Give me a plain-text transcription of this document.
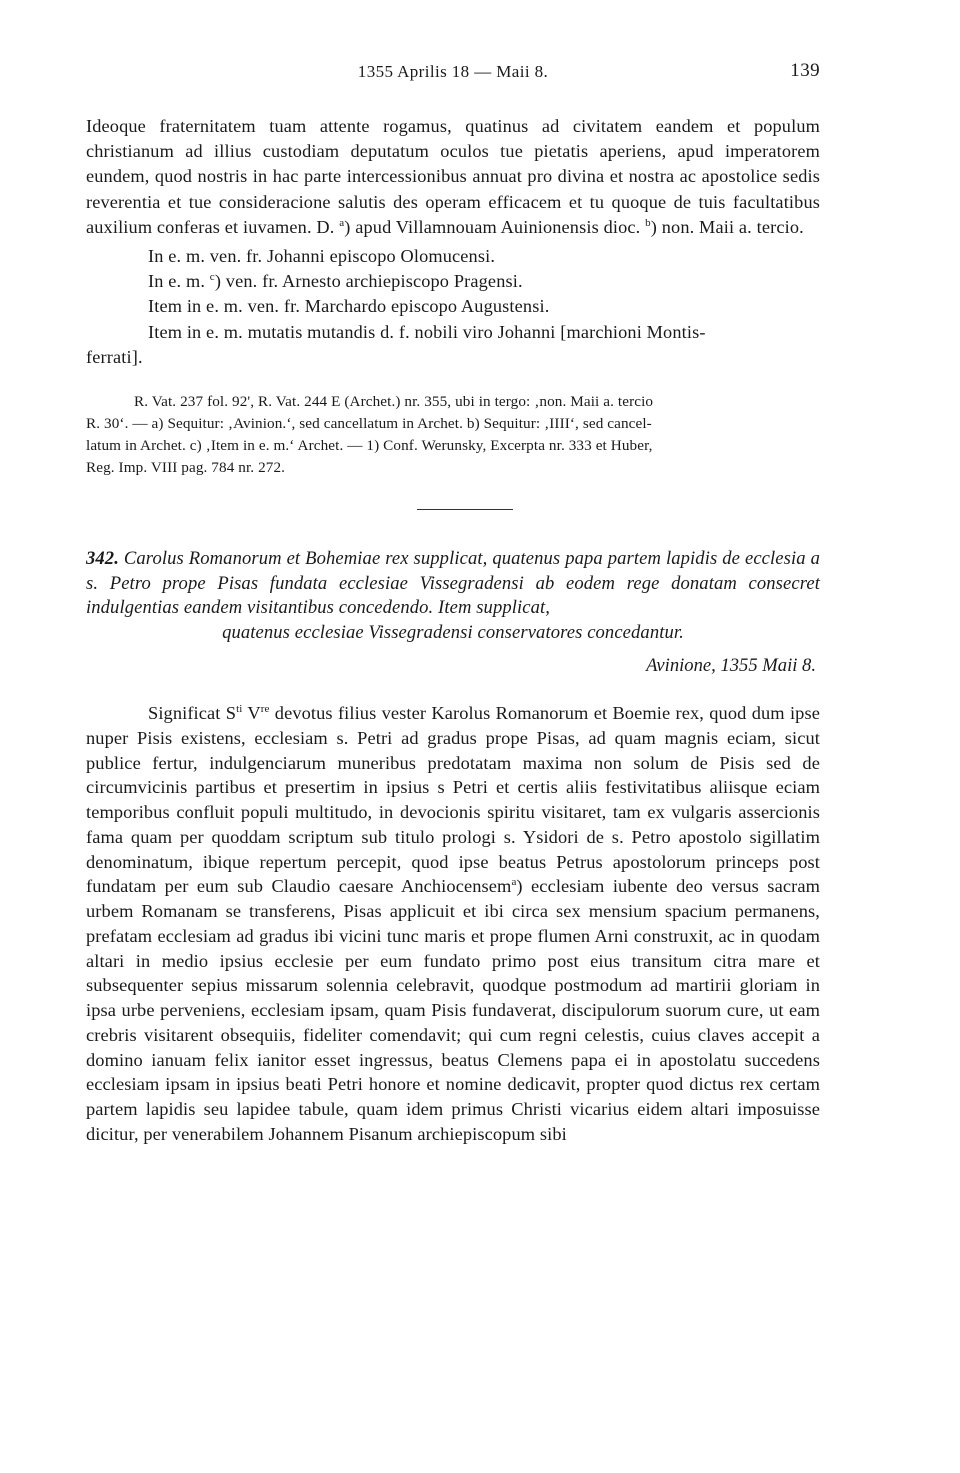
1355 Aprilis 18 — Maii 8.	139

Ideoque fraternitatem tuam attente rogamus, quatinus ad civitatem eandem et populum christianum ad illius custodiam deputatum oculos tue pietatis aperiens, apud imperatorem eundem, quod nostris in hac parte intercessionibus annuat pro divina et nostra ac apostolice sedis reverentia et tue consideracione salutis des operam efficacem et tu quoque de tuis facultatibus auxilium conferas et iuvamen. D. $^a$) apud Villamnouam Auinionensis dioc. $^b$) non. Maii a. tercio.

In e. m. ven. fr. Johanni episcopo Olomucensi.
In e. m. $^c$) ven. fr. Arnesto archiepiscopo Pragensi.
Item in e. m. ven. fr. Marchardo episcopo Augustensi.
Item in e. m. mutatis mutandis d. f. nobili viro Johanni [marchioni Montis-
ferrati].
R. Vat. 237 fol. 92', R. Vat. 244 E (Archet.) nr. 355, ubi in tergo: ‚non. Maii a. tercio
R. 30‘. — a) Sequitur: ‚Avinion.‘, sed cancellatum in Archet. b) Sequitur: ‚IIII‘, sed cancel-
latum in Archet. c) ‚Item in e. m.‘ Archet. — 1) Conf. Werunsky, Excerpta nr. 333 et Huber,
Reg. Imp. VIII pag. 784 nr. 272.
342. Carolus Romanorum et Bohemiae rex supplicat, quatenus papa partem lapidis de ecclesia a s. Petro prope Pisas fundata ecclesiae Vissegradensi ab eodem rege donatam consecret indulgentias eandem visitantibus concedendo. Item supplicat,
quatenus ecclesiae Vissegradensi conservatores concedantur.
Avinione, 1355 Maii 8.
Significat $S^{ti}$ Vre devotus filius vester Karolus Romanorum et Boemie rex, quod dum ipse nuper Pisis existens, ecclesiam s. Petri ad gradus prope Pisas, ad quam magnis eciam, sicut publice fertur, indulgenciarum muneribus predotatam maxima non solum de Pisis sed de circumvicinis partibus et presertim in ipsius s Petri et certis aliis festivitatibus aliisque eciam temporibus confluit populi multitudo, in devocionis spiritu visitaret, tam ex vulgaris assercionis fama quam per quoddam scriptum sub titulo prologi s. Ysidori de s. Petro apostolo sigillatim denominatum, ibique repertum percepit, quod ipse beatus Petrus apostolorum princeps post fundatam per eum sub Claudio caesare Anchiocensem$^a$) ecclesiam iubente deo versus sacram urbem Romanam se transferens, Pisas applicuit et ibi circa sex mensium spacium permanens, prefatam ecclesiam ad gradus ibi vicini tunc maris et prope flumen Arni construxit, ac in quodam altari in medio ipsius ecclesie per eum fundato primo post eius transitum citra mare et subsequenter sepius missarum solennia celebravit, quodque postmodum ad martirii gloriam in ipsa urbe perveniens, ecclesiam ipsam, quam Pisis fundaverat, discipulorum suorum cure, ut eam crebris visitarent obsequiis, fideliter comendavit; qui cum regni celestis, cuius claves accepit a domino ianuam felix ianitor esset ingressus, beatus Clemens papa ei in apostolatu succedens ecclesiam ipsam in ipsius beati Petri honore et nomine dedicavit, propter quod dictus rex certam partem lapidis seu lapidee tabule, quam idem primus Christi vicarius eidem altari imposuisse dicitur, per venerabilem Johannem Pisanum archiepiscopum sibi
